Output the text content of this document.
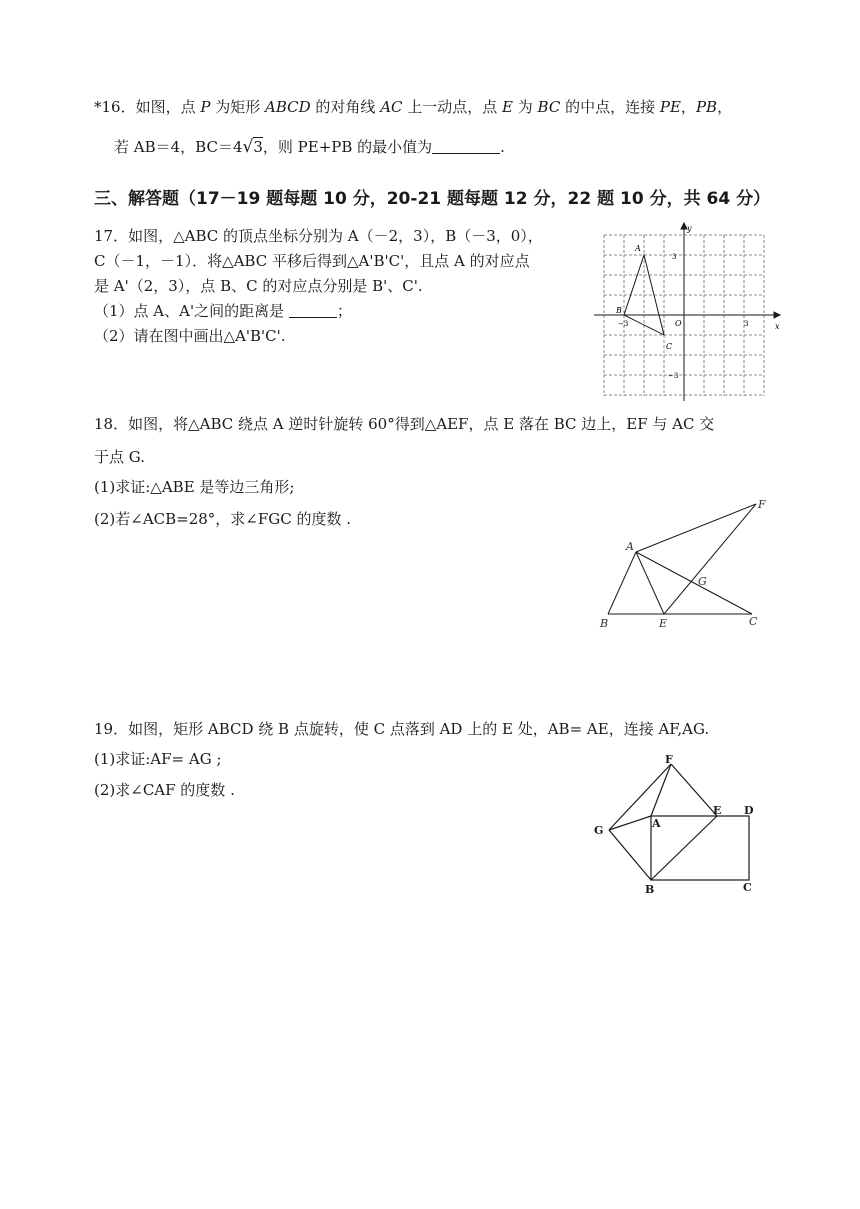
*16．如图，点 P 为矩形 ABCD 的对角线 AC 上一动点，点 E 为 BC 的中点，连接 PE，PB，
若 AB＝4，BC＝4√3，则 PE+PB 的最小值为	.
三、解答题（17－19 题每题 10 分，20-21 题每题 12 分，22 题 10 分，共 64 分）
17．如图，△ABC 的顶点坐标分别为 A（－2，3），B（－3，0），
C（－1，－1）．将△ABC 平移后得到△A'B'C'，且点 A 的对应点
是 A'（2，3），点 B、C 的对应点分别是 B'、C'.
（1）点 A、A'之间的距离是	；
（2）请在图中画出△A'B'C'.
x
y
O
−3	3
3
−3
A
B
C
18．如图，将△ABC 绕点 A 逆时针旋转 60°得到△AEF，点 E 落在 BC 边上，EF 与 AC 交
于点 G.
(1)求证:△ABE 是等边三角形;
(2)若∠ACB=28°，求∠FGC 的度数 .
A
B	E	C
G
F
19．如图，矩形 ABCD 绕 B 点旋转，使 C 点落到 AD 上的 E 处，AB= AE，连接 AF,AG.
(1)求证:AF= AG ;
(2)求∠CAF 的度数 .
F
E D
A
G
B	C
